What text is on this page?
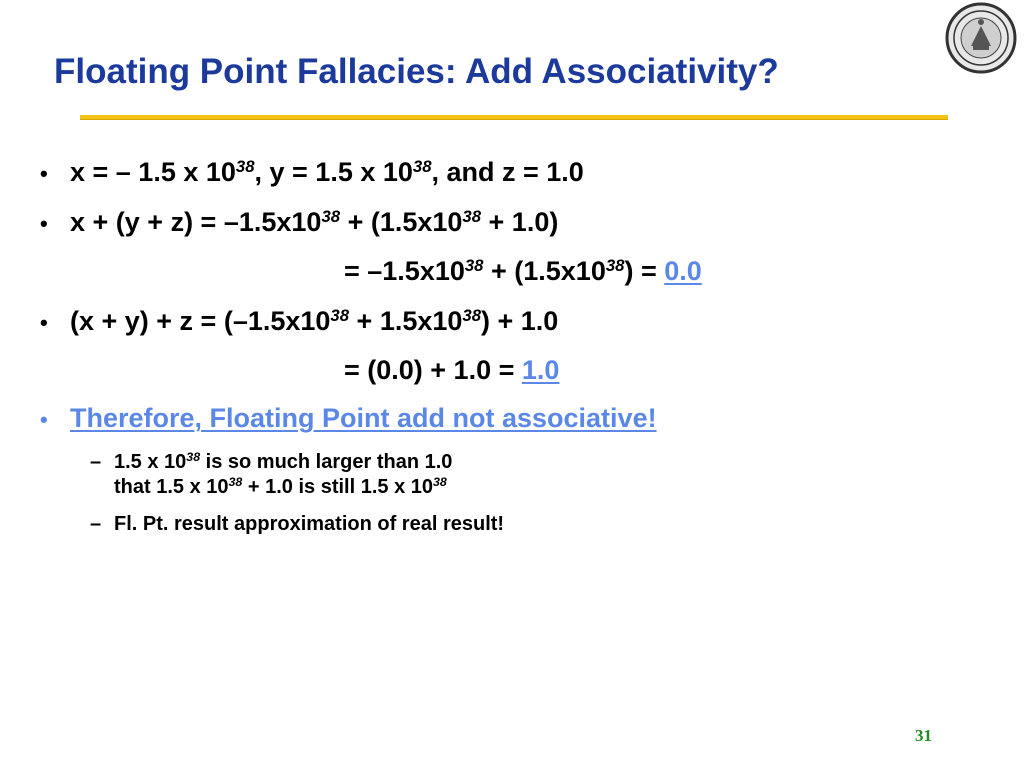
Floating Point Fallacies: Add Associativity?
• x = – 1.5 x $10^{38}$, y = 1.5 x $10^{38}$, and z = 1.0
• $x + (y + z) = -1.5x10^{38} + (1.5x10^{38} + 1.0)$
= $-1.5x10^{38} + (1.5x10^{38}) = 0.0$
• $(x + y) + z = (-1.5x10^{38} + 1.5x10^{38}) + 1.0$
= (0.0) + 1.0 = 1.0
• Therefore, Floating Point add not associative!
– 1.5 x $10^{38}$ is so much larger than 1.0
that 1.5 x $10^{38} + 1.0$ is still 1.5 x $10^{38}$
– Fl. Pt. result approximation of real result!
31
